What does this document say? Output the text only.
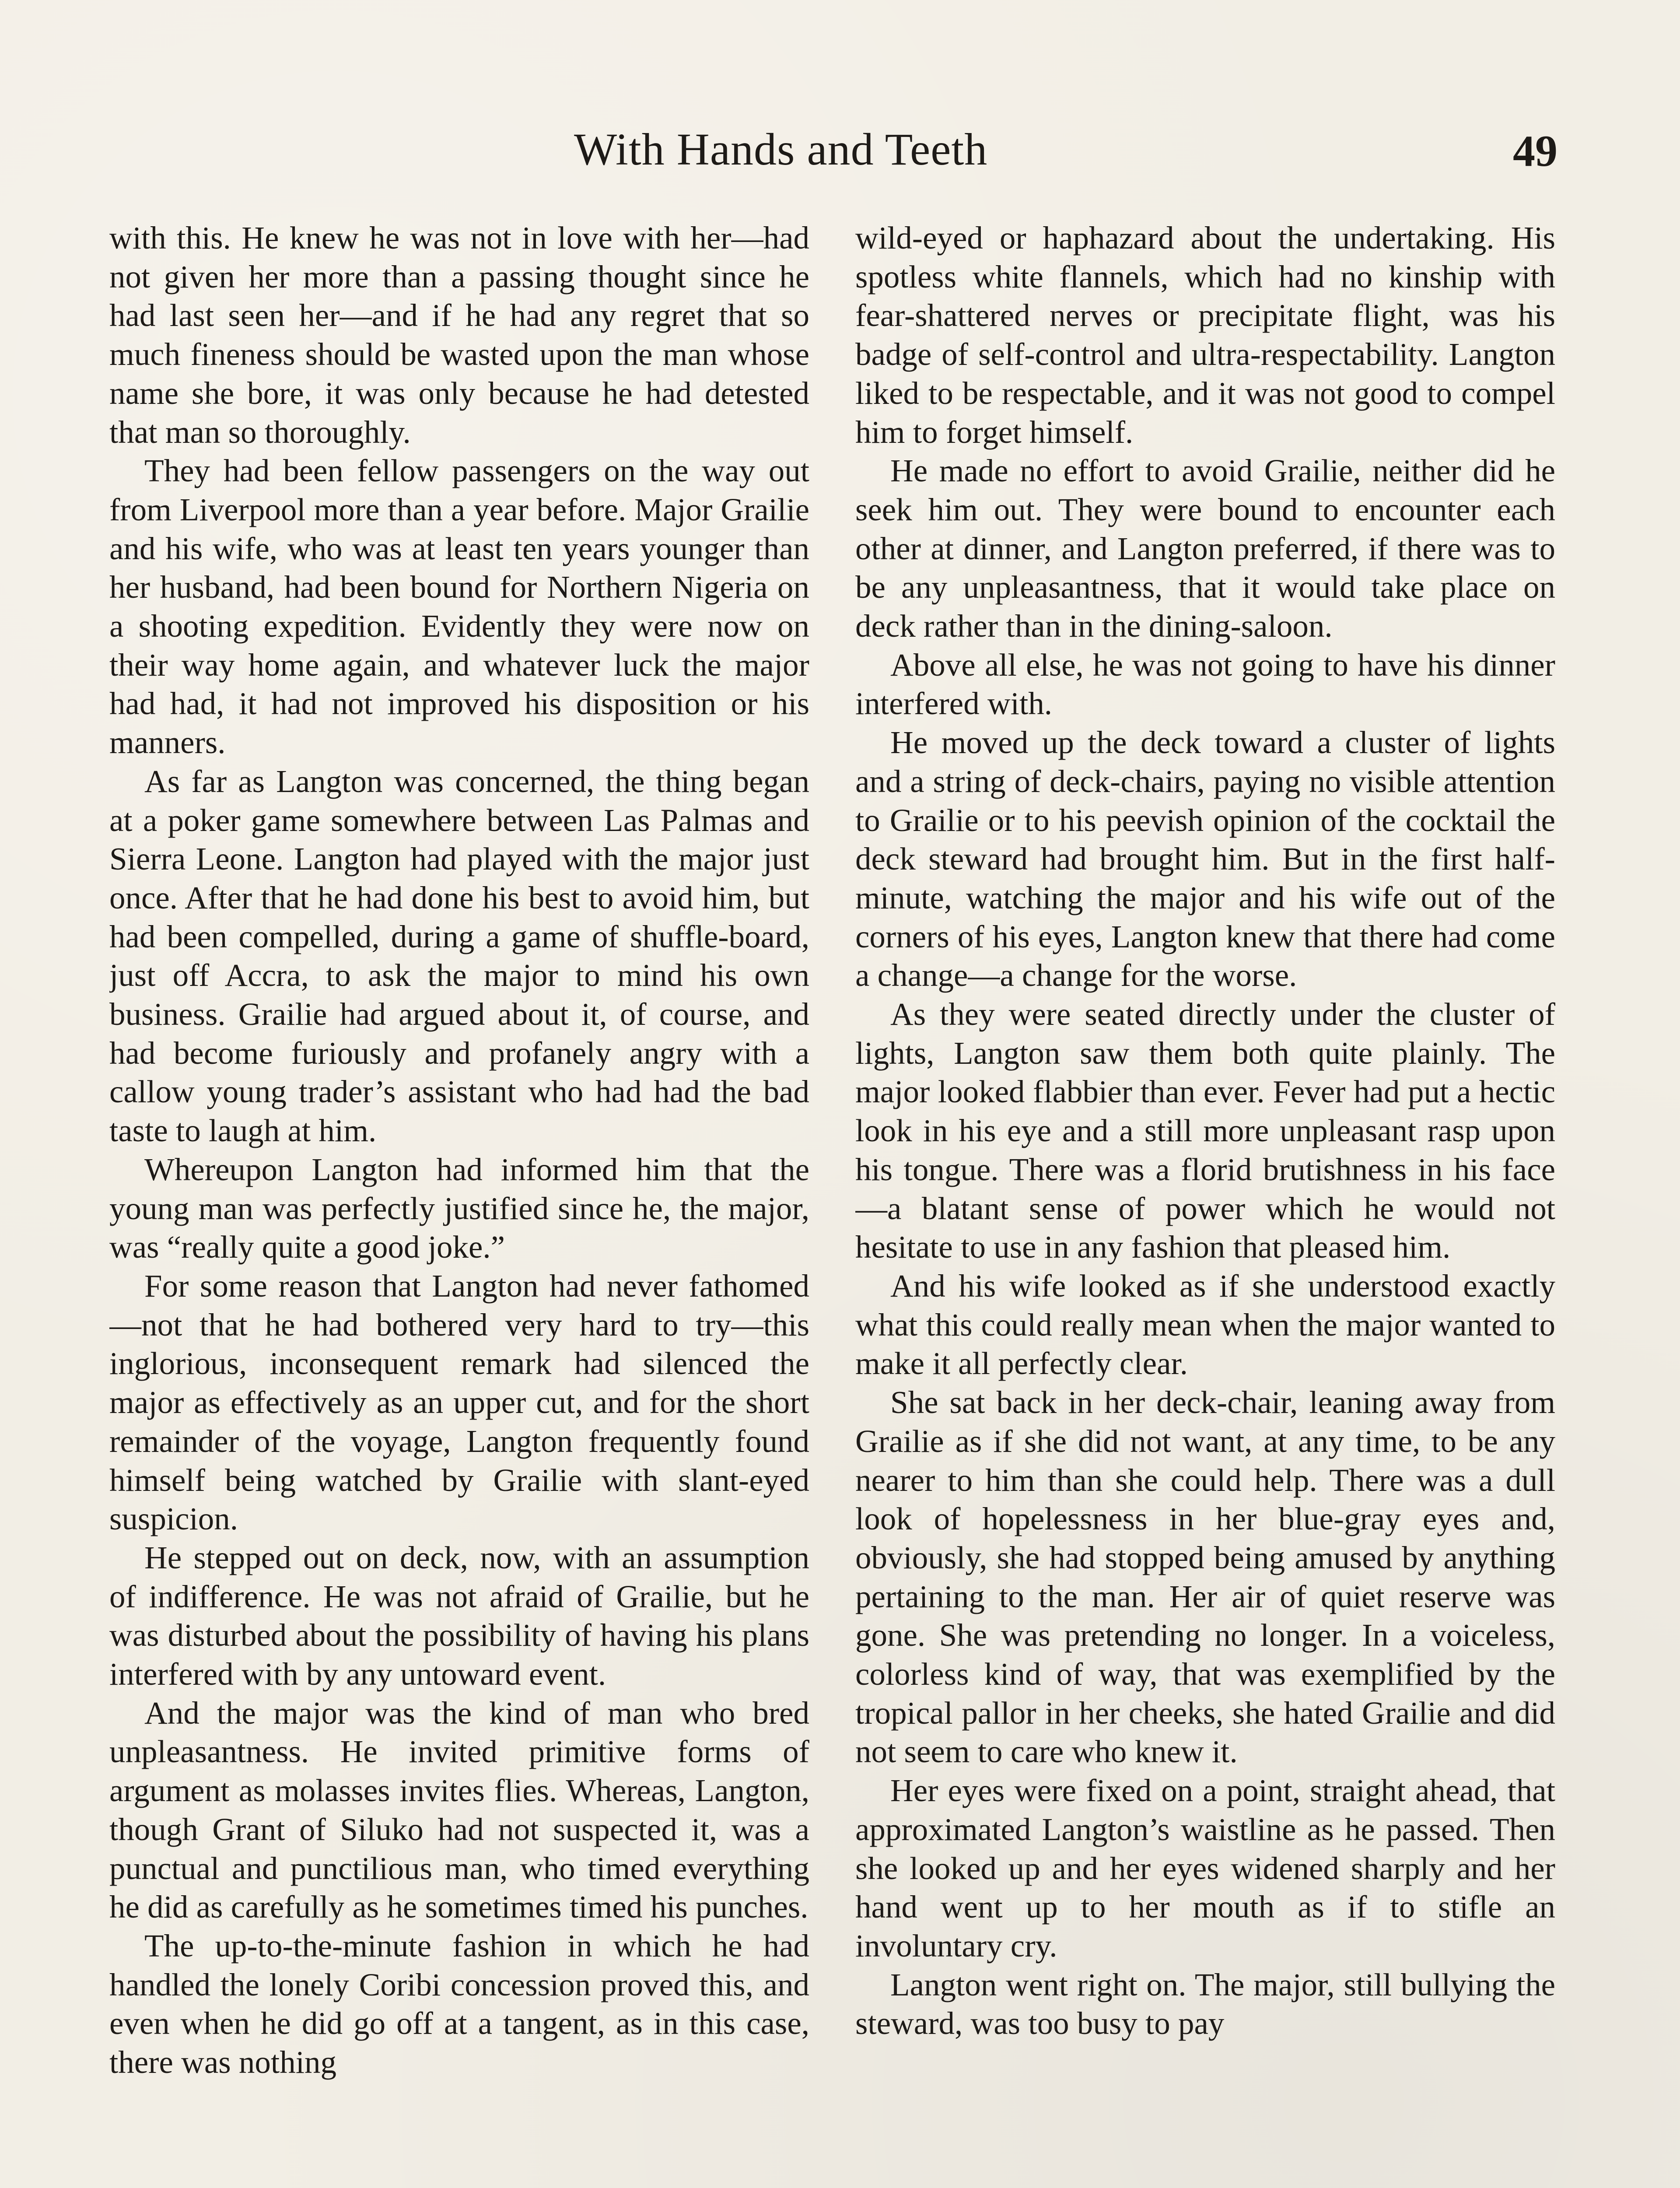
With Hands and Teeth	49

with this. He knew he was not in love with her—had not given her more than a passing thought since he had last seen her—and if he had any regret that so much fineness should be wasted upon the man whose name she bore, it was only because he had detested that man so thoroughly.

They had been fellow passengers on the way out from Liverpool more than a year before. Major Grailie and his wife, who was at least ten years younger than her husband, had been bound for Northern Nigeria on a shooting expedition. Evidently they were now on their way home again, and whatever luck the major had had, it had not improved his disposition or his manners.

As far as Langton was concerned, the thing began at a poker game somewhere between Las Palmas and Sierra Leone. Langton had played with the major just once. After that he had done his best to avoid him, but had been compelled, during a game of shuffle-board, just off Accra, to ask the major to mind his own business. Grailie had argued about it, of course, and had become furiously and profanely angry with a callow young trader’s assistant who had had the bad taste to laugh at him.

Whereupon Langton had informed him that the young man was perfectly justified since he, the major, was “really quite a good joke.”

For some reason that Langton had never fathomed—not that he had bothered very hard to try—this inglorious, inconsequent remark had silenced the major as effectively as an upper cut, and for the short remainder of the voyage, Langton frequently found himself being watched by Grailie with slant-eyed suspicion.

He stepped out on deck, now, with an assumption of indifference. He was not afraid of Grailie, but he was disturbed about the possibility of having his plans interfered with by any untoward event.

And the major was the kind of man who bred unpleasantness. He invited primitive forms of argument as molasses invites flies. Whereas, Langton, though Grant of Siluko had not suspected it, was a punctual and punctilious man, who timed everything he did as carefully as he sometimes timed his punches.

The up-to-the-minute fashion in which he had handled the lonely Coribi concession proved this, and even when he did go off at a tangent, as in this case, there was nothing

wild-eyed or haphazard about the undertaking. His spotless white flannels, which had no kinship with fear-shattered nerves or precipitate flight, was his badge of self-control and ultra-respectability. Langton liked to be respectable, and it was not good to compel him to forget himself.

He made no effort to avoid Grailie, neither did he seek him out. They were bound to encounter each other at dinner, and Langton preferred, if there was to be any unpleasantness, that it would take place on deck rather than in the dining-saloon.

Above all else, he was not going to have his dinner interfered with.

He moved up the deck toward a cluster of lights and a string of deck-chairs, paying no visible attention to Grailie or to his peevish opinion of the cocktail the deck steward had brought him. But in the first half-minute, watching the major and his wife out of the corners of his eyes, Langton knew that there had come a change—a change for the worse.

As they were seated directly under the cluster of lights, Langton saw them both quite plainly. The major looked flabbier than ever. Fever had put a hectic look in his eye and a still more unpleasant rasp upon his tongue. There was a florid brutishness in his face—a blatant sense of power which he would not hesitate to use in any fashion that pleased him.

And his wife looked as if she understood exactly what this could really mean when the major wanted to make it all perfectly clear.

She sat back in her deck-chair, leaning away from Grailie as if she did not want, at any time, to be any nearer to him than she could help. There was a dull look of hopelessness in her blue-gray eyes and, obviously, she had stopped being amused by anything pertaining to the man. Her air of quiet reserve was gone. She was pretending no longer. In a voiceless, colorless kind of way, that was exemplified by the tropical pallor in her cheeks, she hated Grailie and did not seem to care who knew it.

Her eyes were fixed on a point, straight ahead, that approximated Langton’s waistline as he passed. Then she looked up and her eyes widened sharply and her hand went up to her mouth as if to stifle an involuntary cry.

Langton went right on. The major, still bullying the steward, was too busy to pay
